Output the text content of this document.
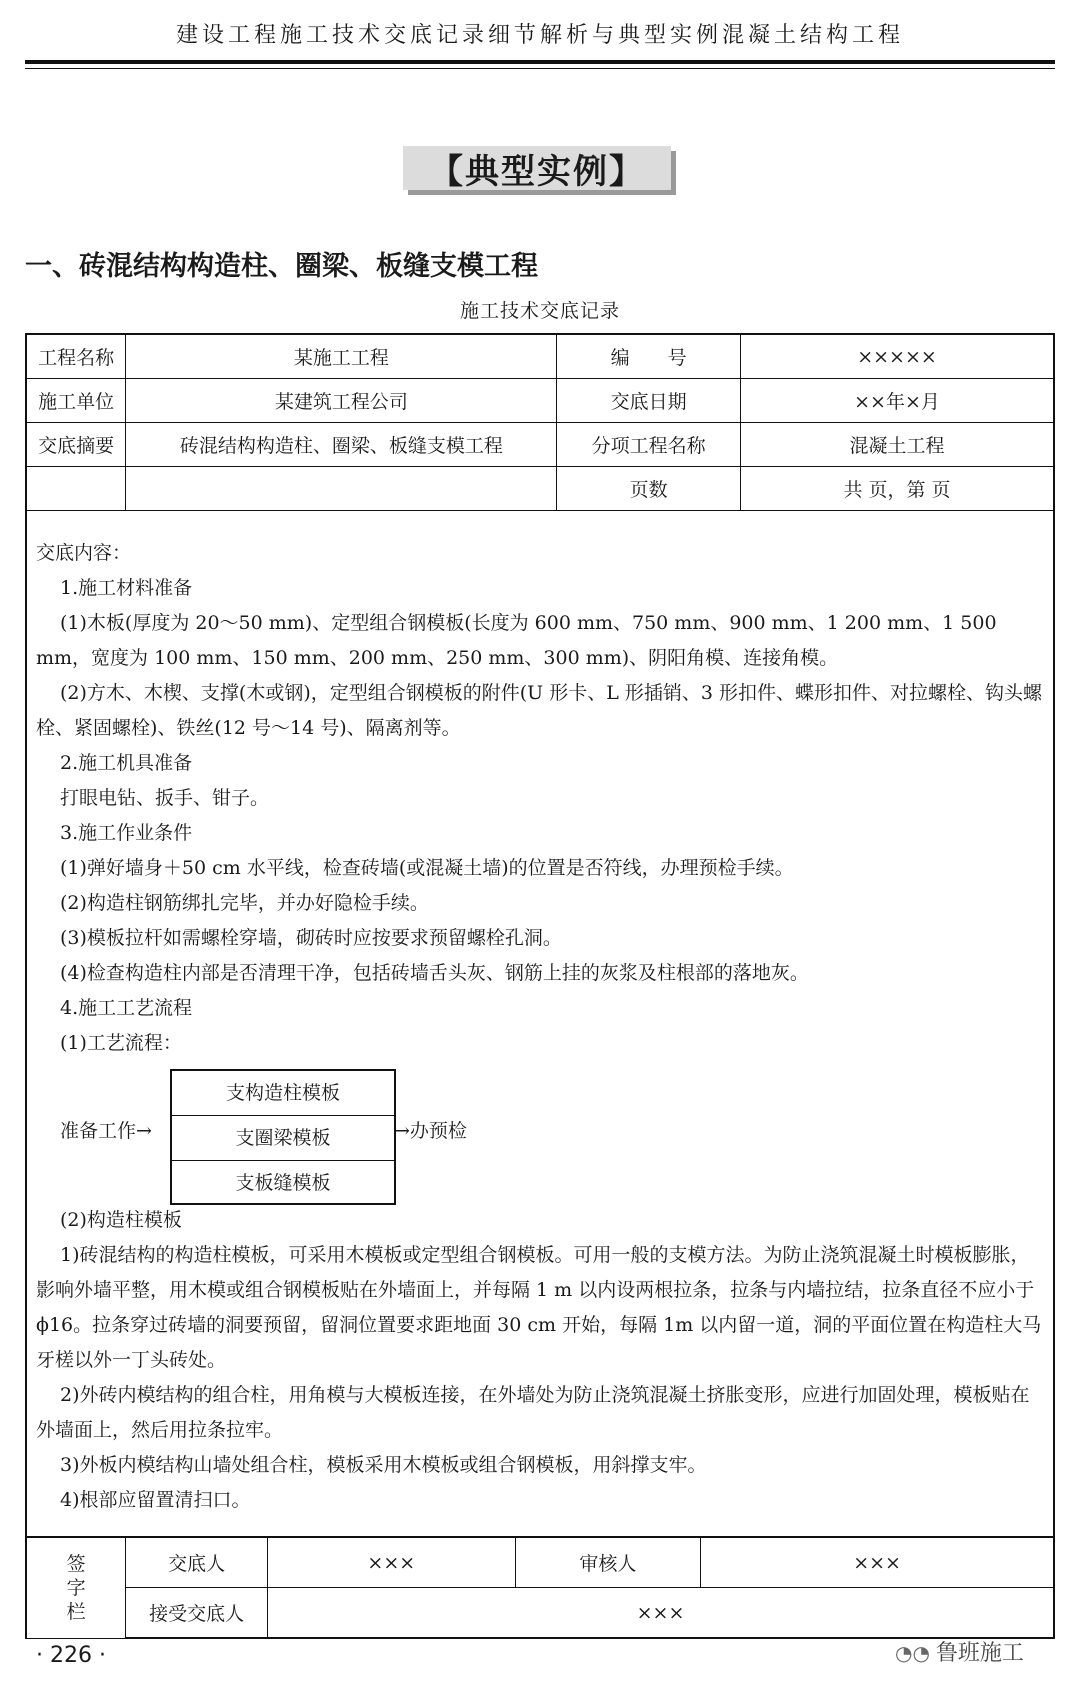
建设工程施工技术交底记录细节解析与典型实例混凝土结构工程
【典型实例】
一、砖混结构构造柱、圈梁、板缝支模工程
施工技术交底记录
工程名称	某施工工程	编　　号	×××××
施工单位	某建筑工程公司	交底日期	××年×月
交底摘要	砖混结构构造柱、圈梁、板缝支模工程	分项工程名称	混凝土工程
		页数	共 页，第 页

交底内容：

1.施工材料准备

(1)木板(厚度为 20～50 mm)、定型组合钢模板(长度为 600 mm、750 mm、900 mm、1 200 mm、1 500 mm，宽度为 100 mm、150 mm、200 mm、250 mm、300 mm)、阴阳角模、连接角模。

(2)方木、木楔、支撑(木或钢)，定型组合钢模板的附件(U 形卡、L 形插销、3 形扣件、蝶形扣件、对拉螺栓、钩头螺栓、紧固螺栓)、铁丝(12 号～14 号)、隔离剂等。

2.施工机具准备

打眼电钻、扳手、钳子。

3.施工作业条件

(1)弹好墙身＋50 cm 水平线，检查砖墙(或混凝土墙)的位置是否符线，办理预检手续。

(2)构造柱钢筋绑扎完毕，并办好隐检手续。

(3)模板拉杆如需螺栓穿墙，砌砖时应按要求预留螺栓孔洞。

(4)检查构造柱内部是否清理干净，包括砖墙舌头灰、钢筋上挂的灰浆及柱根部的落地灰。

4.施工工艺流程

(1)工艺流程：

准备工作→
支构造柱模板
支圈梁模板
支板缝模板
→办预检

(2)构造柱模板

1)砖混结构的构造柱模板，可采用木模板或定型组合钢模板。可用一般的支模方法。为防止浇筑混凝土时模板膨胀，影响外墙平整，用木模或组合钢模板贴在外墙面上，并每隔 1 m 以内设两根拉条，拉条与内墙拉结，拉条直径不应小于 ϕ16。拉条穿过砖墙的洞要预留，留洞位置要求距地面 30 cm 开始，每隔 1m 以内留一道，洞的平面位置在构造柱大马牙槎以外一丁头砖处。

2)外砖内模结构的组合柱，用角模与大模板连接，在外墙处为防止浇筑混凝土挤胀变形，应进行加固处理，模板贴在外墙面上，然后用拉条拉牢。

3)外板内模结构山墙处组合柱，模板采用木模板或组合钢模板，用斜撑支牢。

4)根部应留置清扫口。

签字栏	交底人	×××	审核人	×××
	接受交底人	×××		
· 226 ·	◔◔ 鲁班施工
